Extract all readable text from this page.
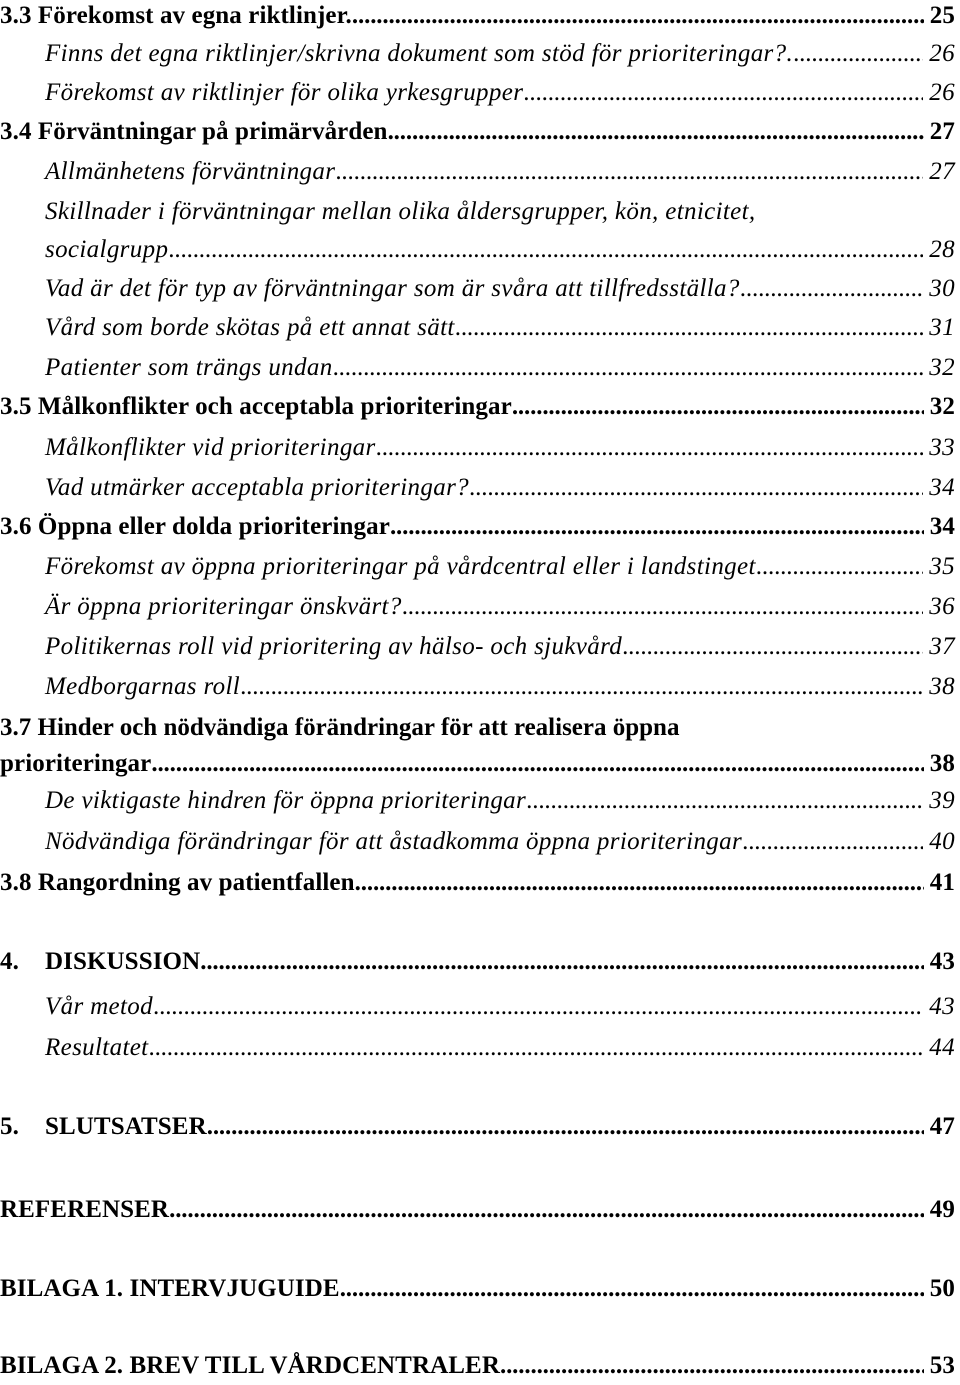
3.3 Förekomst av egna riktlinjer. . . .	25
Finns det egna riktlinjer/skrivna dokument som stöd för prioriteringar?. . . .	26
Förekomst av riktlinjer för olika yrkesgrupper . . .	26
3.4 Förväntningar på primärvården . . .	27
Allmänhetens förväntningar . . .	27
Skillnader i förväntningar mellan olika åldersgrupper, kön, etnicitet,
socialgrupp . . .	28
Vad är det för typ av förväntningar som är svåra att tillfredsställa? . . .	30
Vård som borde skötas på ett annat sätt . . .	31
Patienter som trängs undan . . .	32
3.5 Målkonflikter och acceptabla prioriteringar . . .	32
Målkonflikter vid prioriteringar . . .	33
Vad utmärker acceptabla prioriteringar? . . .	34
3.6 Öppna eller dolda prioriteringar . . .	34
Förekomst av öppna prioriteringar på vårdcentral eller i landstinget . . .	35
Är öppna prioriteringar önskvärt? . . .	36
Politikernas roll vid prioritering av hälso- och sjukvård . . .	37
Medborgarnas roll . . .	38
3.7 Hinder och nödvändiga förändringar för att realisera öppna
prioriteringar . . .	38
De viktigaste hindren för öppna prioriteringar . . .	39
Nödvändiga förändringar för att åstadkomma öppna prioriteringar . . .	40
3.8 Rangordning av patientfallen . . .	41
4. DISKUSSION . . .	43
Vår metod . . .	43
Resultatet . . .	44
5. SLUTSATSER . . .	47
REFERENSER . . .	49
BILAGA 1. INTERVJUGUIDE . . .	50
BILAGA 2. BREV TILL VÅRDCENTRALER . . .	53
